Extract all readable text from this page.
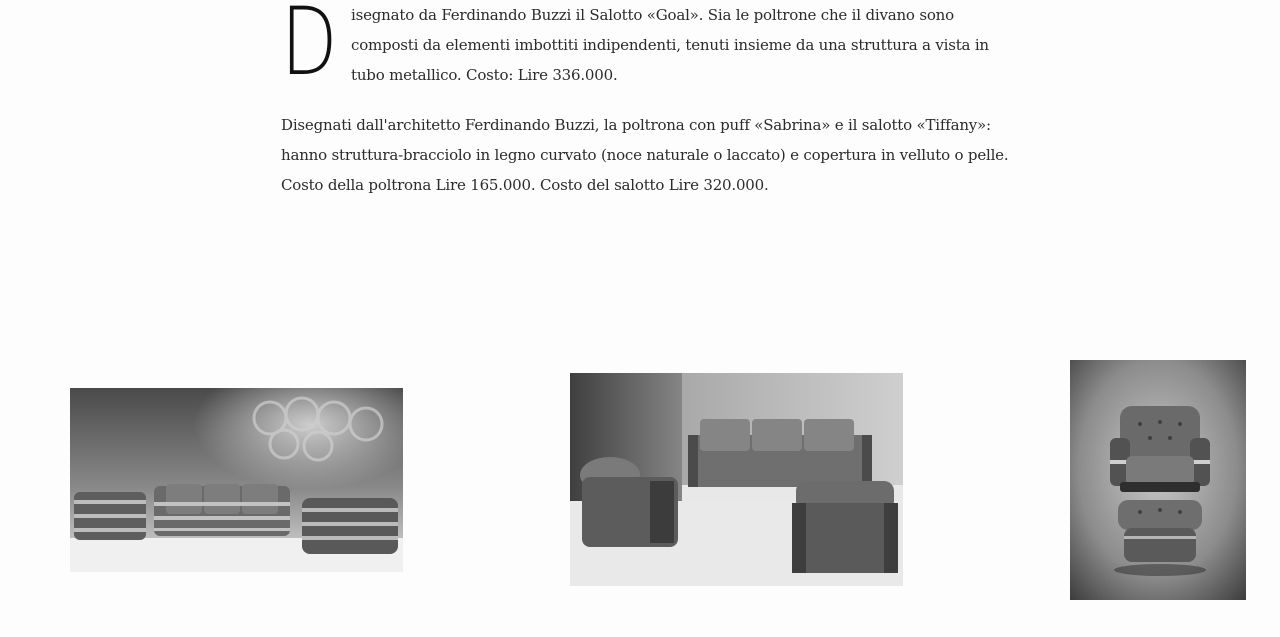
D isegnato da Ferdinando Buzzi il Salotto «Goal». Sia le poltrone che il divano sono
composti da elementi imbottiti indipendenti, tenuti insieme da una struttura a vista in
tubo metallico. Costo: Lire 336.000.
Disegnati dall'architetto Ferdinando Buzzi, la poltrona con puff «Sabrina» e il salotto «Tiffany»:
hanno struttura-bracciolo in legno curvato (noce naturale o laccato) e copertura in velluto o pelle.
Costo della poltrona Lire 165.000. Costo del salotto Lire 320.000.
